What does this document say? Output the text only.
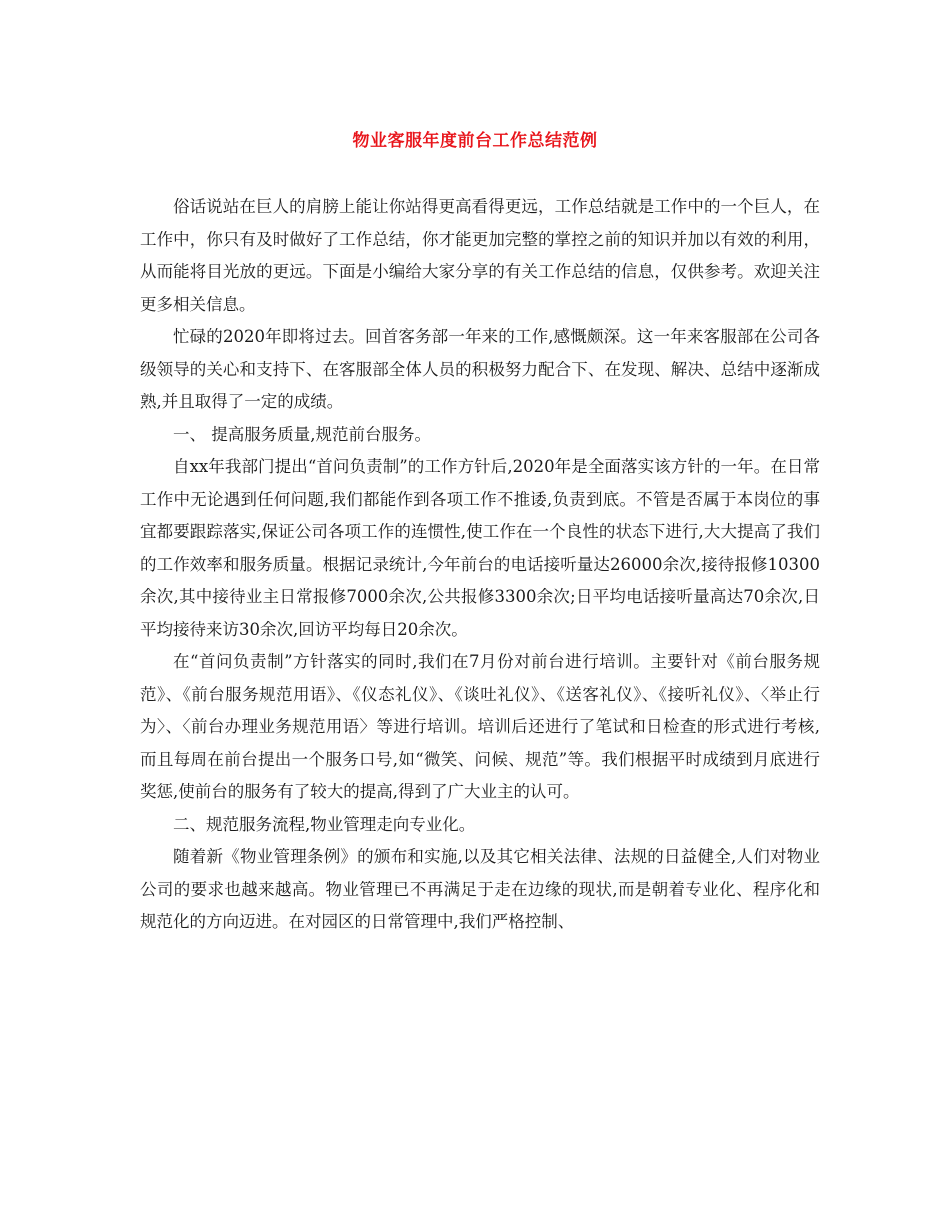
物业客服年度前台工作总结范例

俗话说站在巨人的肩膀上能让你站得更高看得更远，工作总结就是工作中的一个巨人，在工作中，你只有及时做好了工作总结，你才能更加完整的掌控之前的知识并加以有效的利用，从而能将目光放的更远。下面是小编给大家分享的有关工作总结的信息，仅供参考。欢迎关注更多相关信息。

忙碌的2020年即将过去。回首客务部一年来的工作,感慨颇深。这一年来客服部在公司各级领导的关心和支持下、在客服部全体人员的积极努力配合下、在发现、解决、总结中逐渐成熟,并且取得了一定的成绩。

一、 提高服务质量,规范前台服务。

自xx年我部门提出“首问负责制”的工作方针后,2020年是全面落实该方针的一年。在日常工作中无论遇到任何问题,我们都能作到各项工作不推诿,负责到底。不管是否属于本岗位的事宜都要跟踪落实,保证公司各项工作的连惯性,使工作在一个良性的状态下进行,大大提高了我们的工作效率和服务质量。根据记录统计,今年前台的电话接听量达26000余次,接待报修10300余次,其中接待业主日常报修7000余次,公共报修3300余次;日平均电话接听量高达70余次,日平均接待来访30余次,回访平均每日20余次。

在“首问负责制”方针落实的同时,我们在7月份对前台进行培训。主要针对《前台服务规范》、《前台服务规范用语》、《仪态礼仪》、《谈吐礼仪》、《送客礼仪》、《接听礼仪》、〈举止行为〉、〈前台办理业务规范用语〉等进行培训。培训后还进行了笔试和日检查的形式进行考核,而且每周在前台提出一个服务口号,如“微笑、问候、规范”等。我们根据平时成绩到月底进行奖惩,使前台的服务有了较大的提高,得到了广大业主的认可。

二、规范服务流程,物业管理走向专业化。

随着新《物业管理条例》的颁布和实施,以及其它相关法律、法规的日益健全,人们对物业公司的要求也越来越高。物业管理已不再满足于走在边缘的现状,而是朝着专业化、程序化和规范化的方向迈进。在对园区的日常管理中,我们严格控制、
